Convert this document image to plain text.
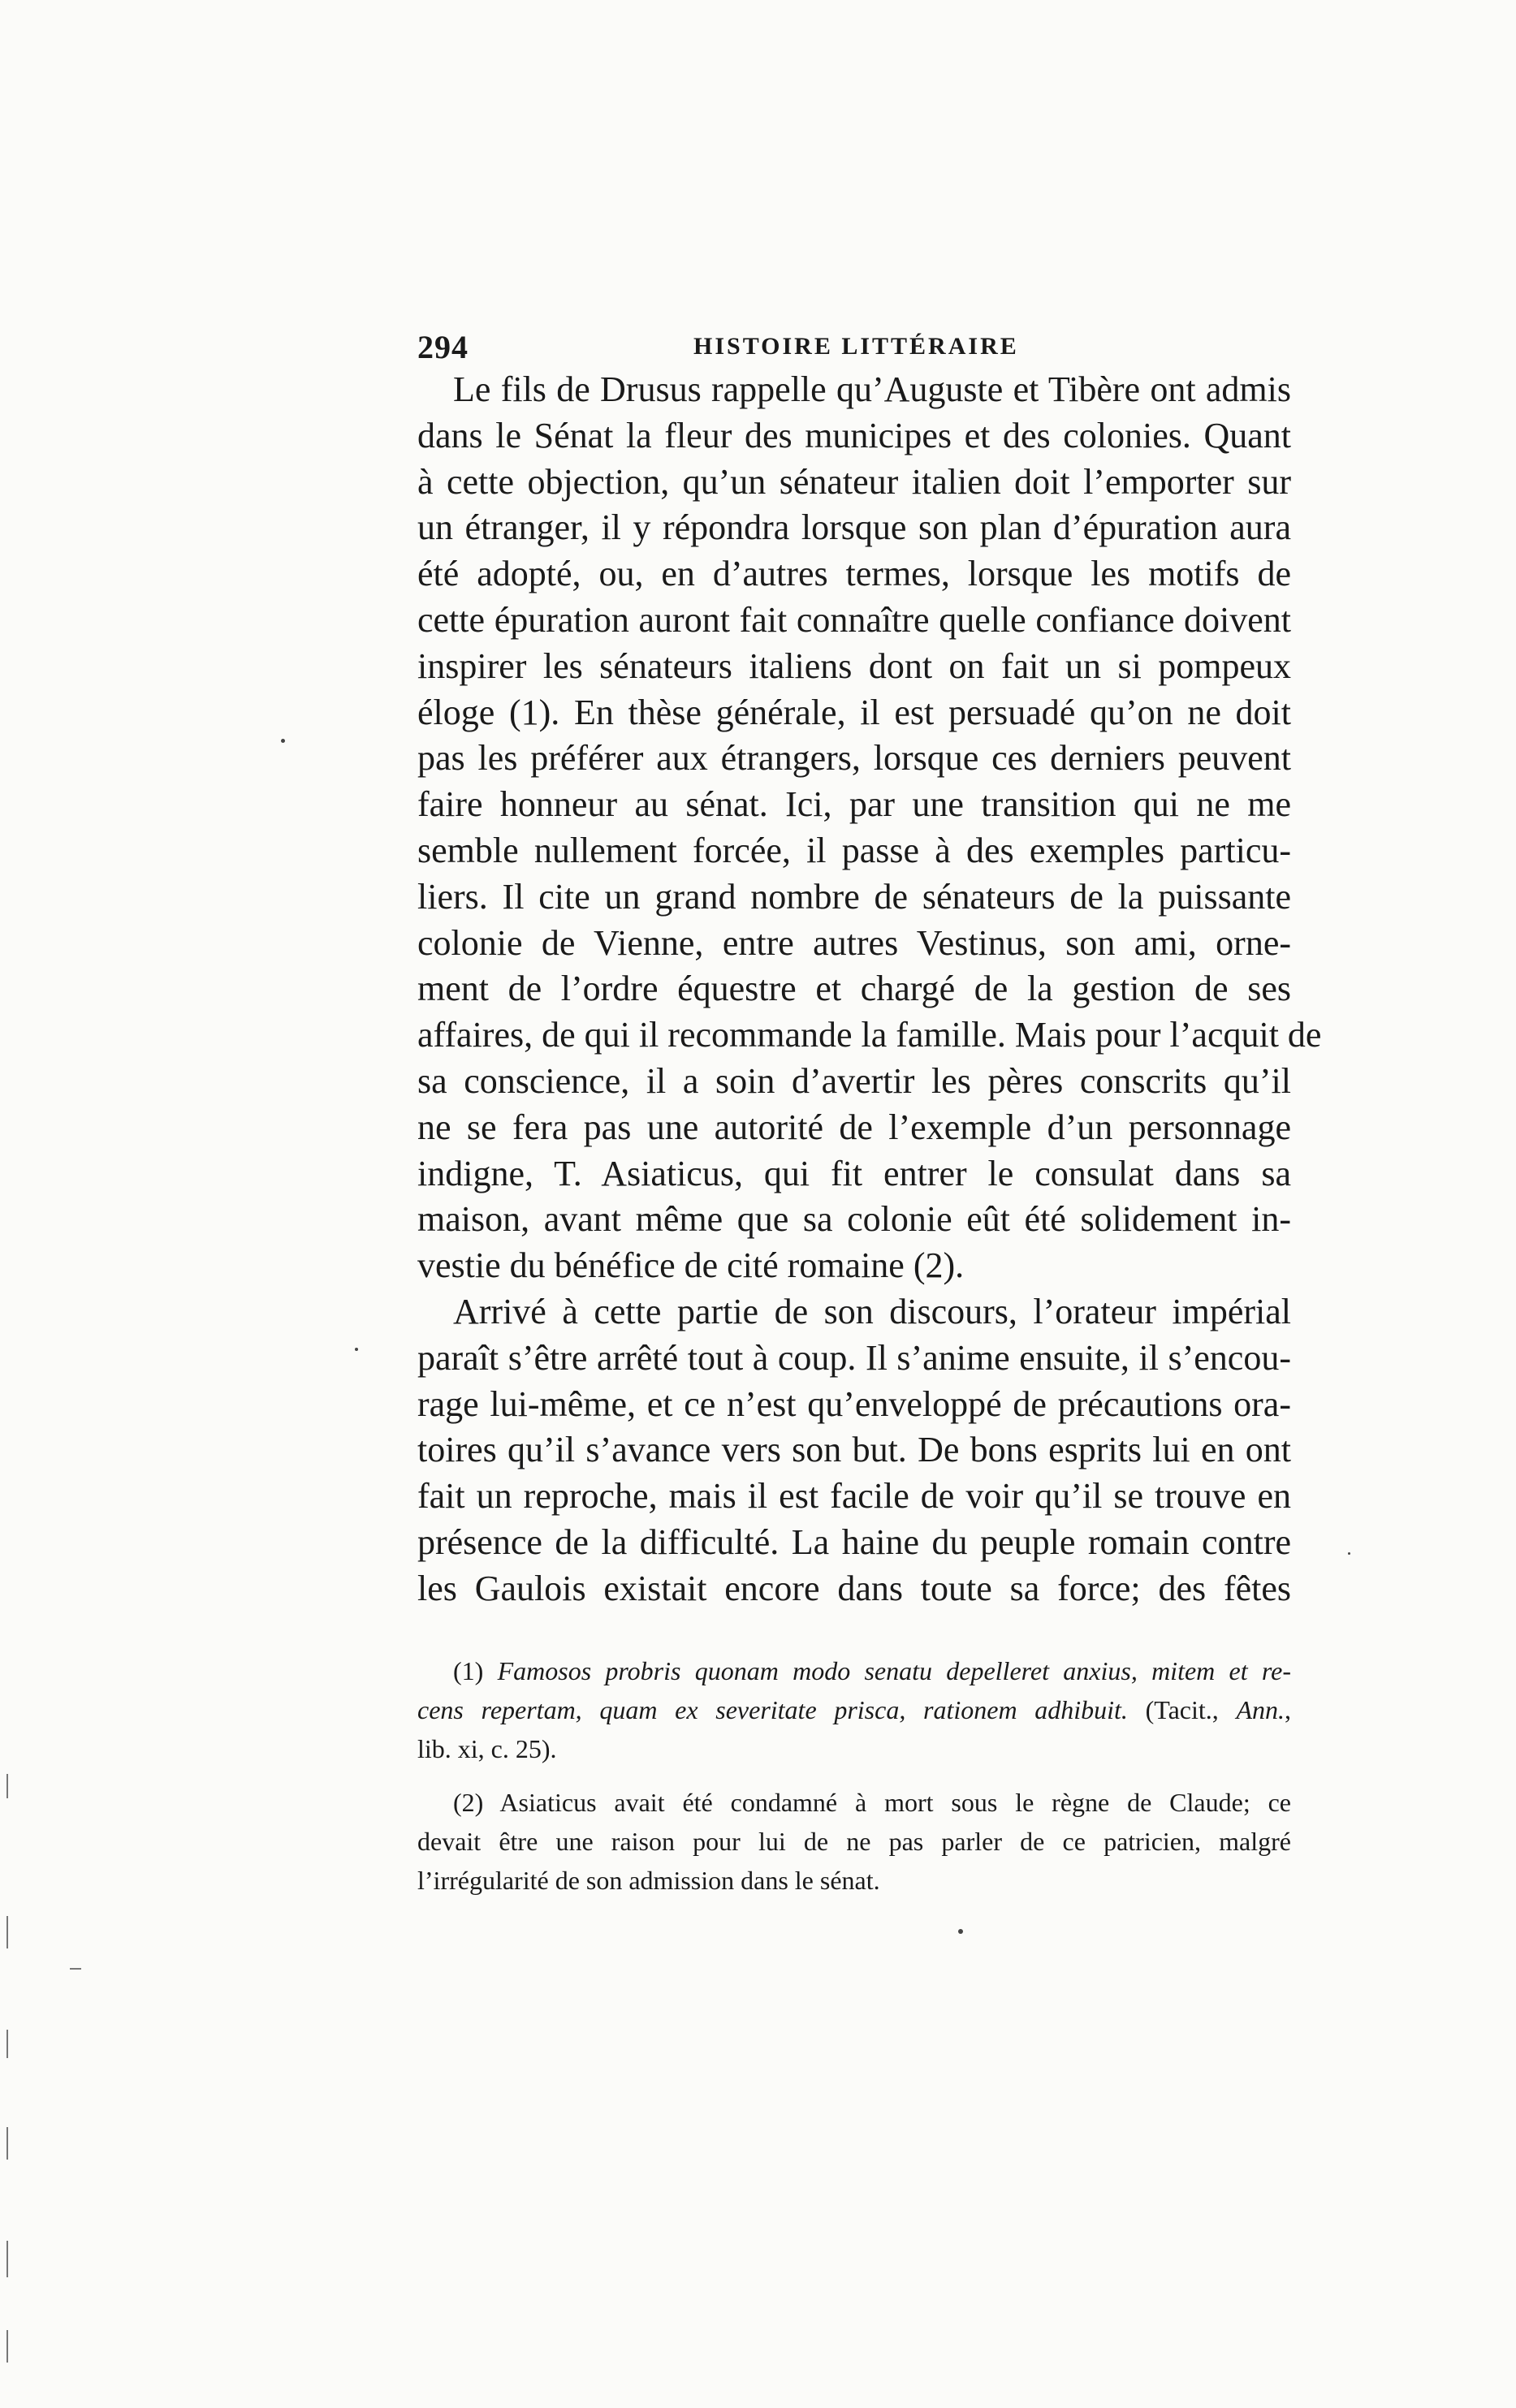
294	HISTOIRE LITTÉRAIRE
Le fils de Drusus rappelle qu’Auguste et Tibère ont admis
dans le Sénat la fleur des municipes et des colonies. Quant
à cette objection, qu’un sénateur italien doit l’emporter sur
un étranger, il y répondra lorsque son plan d’épuration aura
été adopté, ou, en d’autres termes, lorsque les motifs de
cette épuration auront fait connaître quelle confiance doivent
inspirer les sénateurs italiens dont on fait un si pompeux
éloge (1). En thèse générale, il est persuadé qu’on ne doit
pas les préférer aux étrangers, lorsque ces derniers peuvent
faire honneur au sénat. Ici, par une transition qui ne me
semble nullement forcée, il passe à des exemples particu-
liers. Il cite un grand nombre de sénateurs de la puissante
colonie de Vienne, entre autres Vestinus, son ami, orne-
ment de l’ordre équestre et chargé de la gestion de ses
affaires, de qui il recommande la famille. Mais pour l’acquit de
sa conscience, il a soin d’avertir les pères conscrits qu’il
ne se fera pas une autorité de l’exemple d’un personnage
indigne, T. Asiaticus, qui fit entrer le consulat dans sa
maison, avant même que sa colonie eût été solidement in-
vestie du bénéfice de cité romaine (2).
Arrivé à cette partie de son discours, l’orateur impérial
paraît s’être arrêté tout à coup. Il s’anime ensuite, il s’encou-
rage lui-même, et ce n’est qu’enveloppé de précautions ora-
toires qu’il s’avance vers son but. De bons esprits lui en ont
fait un reproche, mais il est facile de voir qu’il se trouve en
présence de la difficulté. La haine du peuple romain contre
les Gaulois existait encore dans toute sa force; des fêtes
(1) Famosos probris quonam modo senatu depelleret anxius, mitem et re-
cens repertam, quam ex severitate prisca, rationem adhibuit. (Tacit., Ann.,
lib. xi, c. 25).
(2) Asiaticus avait été condamné à mort sous le règne de Claude; ce
devait être une raison pour lui de ne pas parler de ce patricien, malgré
l’irrégularité de son admission dans le sénat.
